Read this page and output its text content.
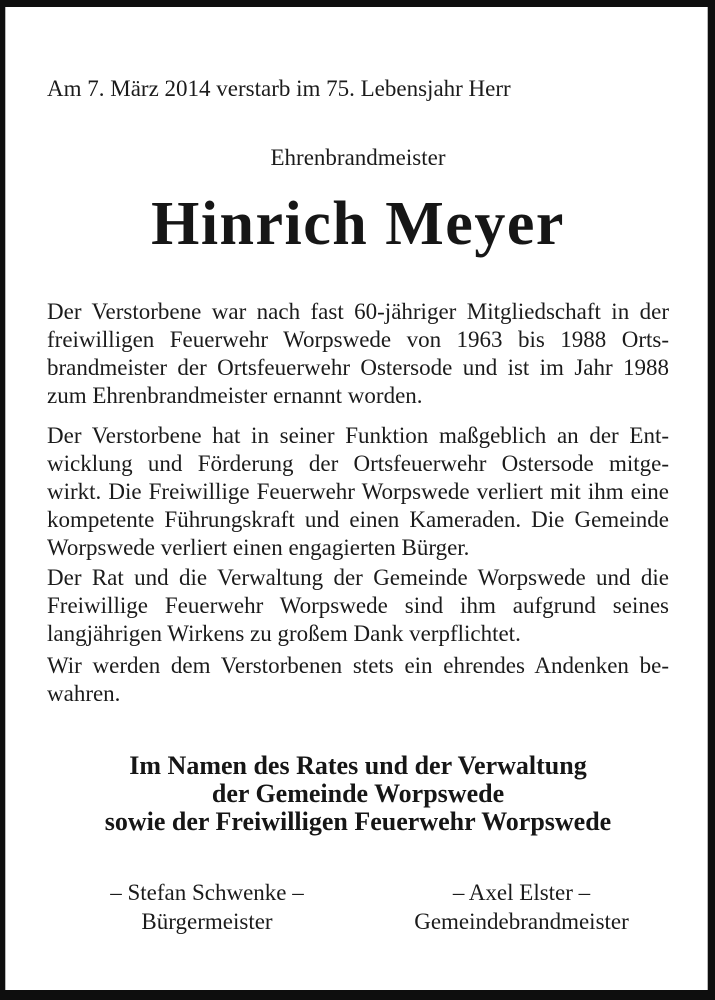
Am 7. März 2014 verstarb im 75. Lebensjahr Herr
Ehrenbrandmeister
Hinrich Meyer
Der Verstorbene war nach fast 60-jähriger Mitgliedschaft in der
freiwilligen Feuerwehr Worpswede von 1963 bis 1988 Orts-
brandmeister der Ortsfeuerwehr Ostersode und ist im Jahr 1988
zum Ehrenbrandmeister ernannt worden.
Der Verstorbene hat in seiner Funktion maßgeblich an der Ent-
wicklung und Förderung der Ortsfeuerwehr Ostersode mitge-
wirkt. Die Freiwillige Feuerwehr Worpswede verliert mit ihm eine
kompetente Führungskraft und einen Kameraden. Die Gemeinde
Worpswede verliert einen engagierten Bürger.
Der Rat und die Verwaltung der Gemeinde Worpswede und die
Freiwillige Feuerwehr Worpswede sind ihm aufgrund seines
langjährigen Wirkens zu großem Dank verpflichtet.
Wir werden dem Verstorbenen stets ein ehrendes Andenken be-
wahren.
Im Namen des Rates und der Verwaltung
der Gemeinde Worpswede
sowie der Freiwilligen Feuerwehr Worpswede
– Stefan Schwenke –
Bürgermeister
– Axel Elster –
Gemeindebrandmeister
